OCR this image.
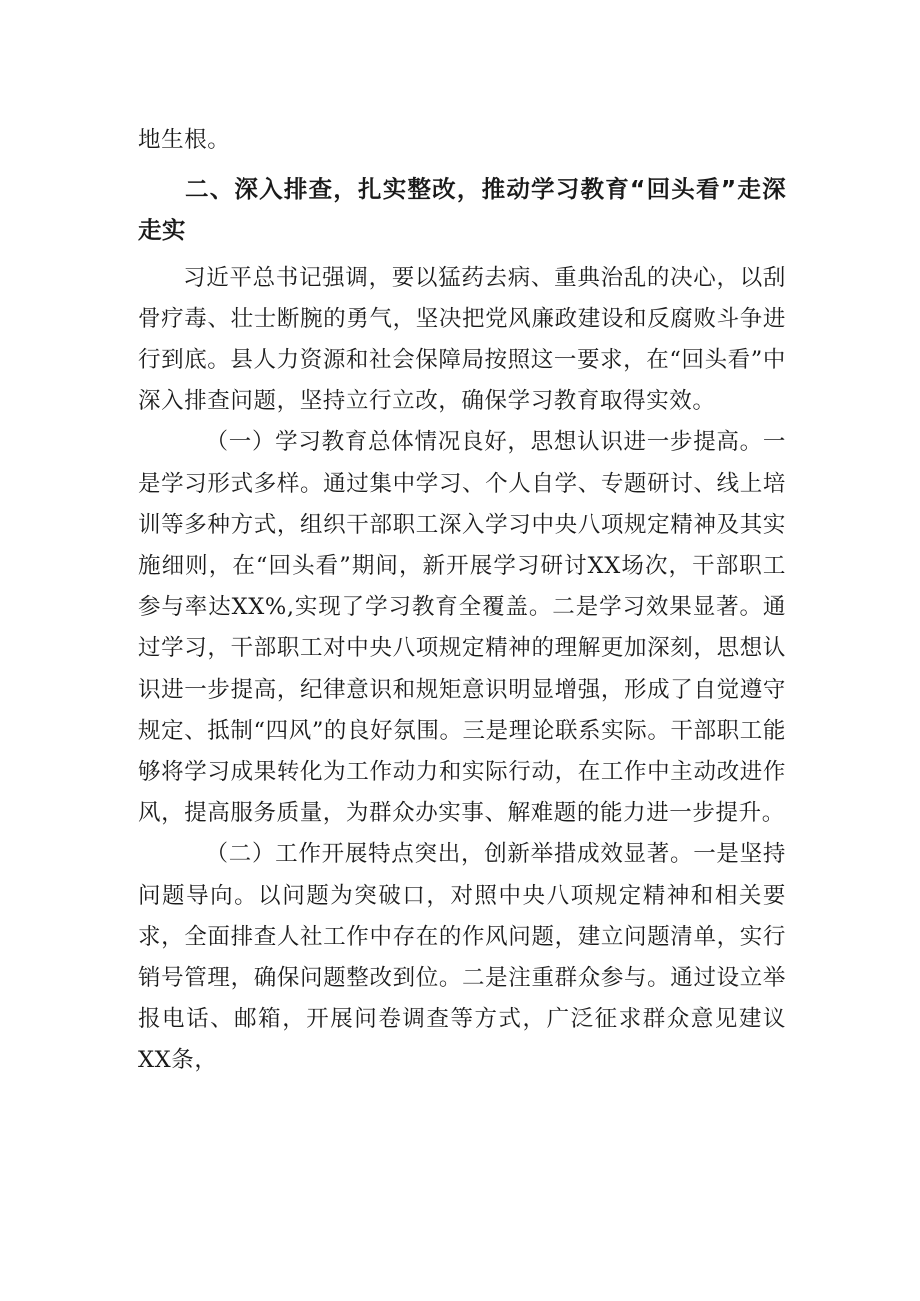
地生根。

二、深入排查，扎实整改，推动学习教育“回头看”走深走实

习近平总书记强调，要以猛药去病、重典治乱的决心，以刮骨疗毒、壮士断腕的勇气，坚决把党风廉政建设和反腐败斗争进行到底。县人力资源和社会保障局按照这一要求，在“回头看”中深入排查问题，坚持立行立改，确保学习教育取得实效。

（一）学习教育总体情况良好，思想认识进一步提高。一是学习形式多样。通过集中学习、个人自学、专题研讨、线上培训等多种方式，组织干部职工深入学习中央八项规定精神及其实施细则，在“回头看”期间，新开展学习研讨XX场次，干部职工参与率达XX%,实现了学习教育全覆盖。二是学习效果显著。通过学习，干部职工对中央八项规定精神的理解更加深刻，思想认识进一步提高，纪律意识和规矩意识明显增强，形成了自觉遵守规定、抵制“四风”的良好氛围。三是理论联系实际。干部职工能够将学习成果转化为工作动力和实际行动，在工作中主动改进作风，提高服务质量，为群众办实事、解难题的能力进一步提升。

（二）工作开展特点突出，创新举措成效显著。一是坚持问题导向。以问题为突破口，对照中央八项规定精神和相关要求，全面排查人社工作中存在的作风问题，建立问题清单，实行销号管理，确保问题整改到位。二是注重群众参与。通过设立举报电话、邮箱，开展问卷调查等方式，广泛征求群众意见建议XX条，
